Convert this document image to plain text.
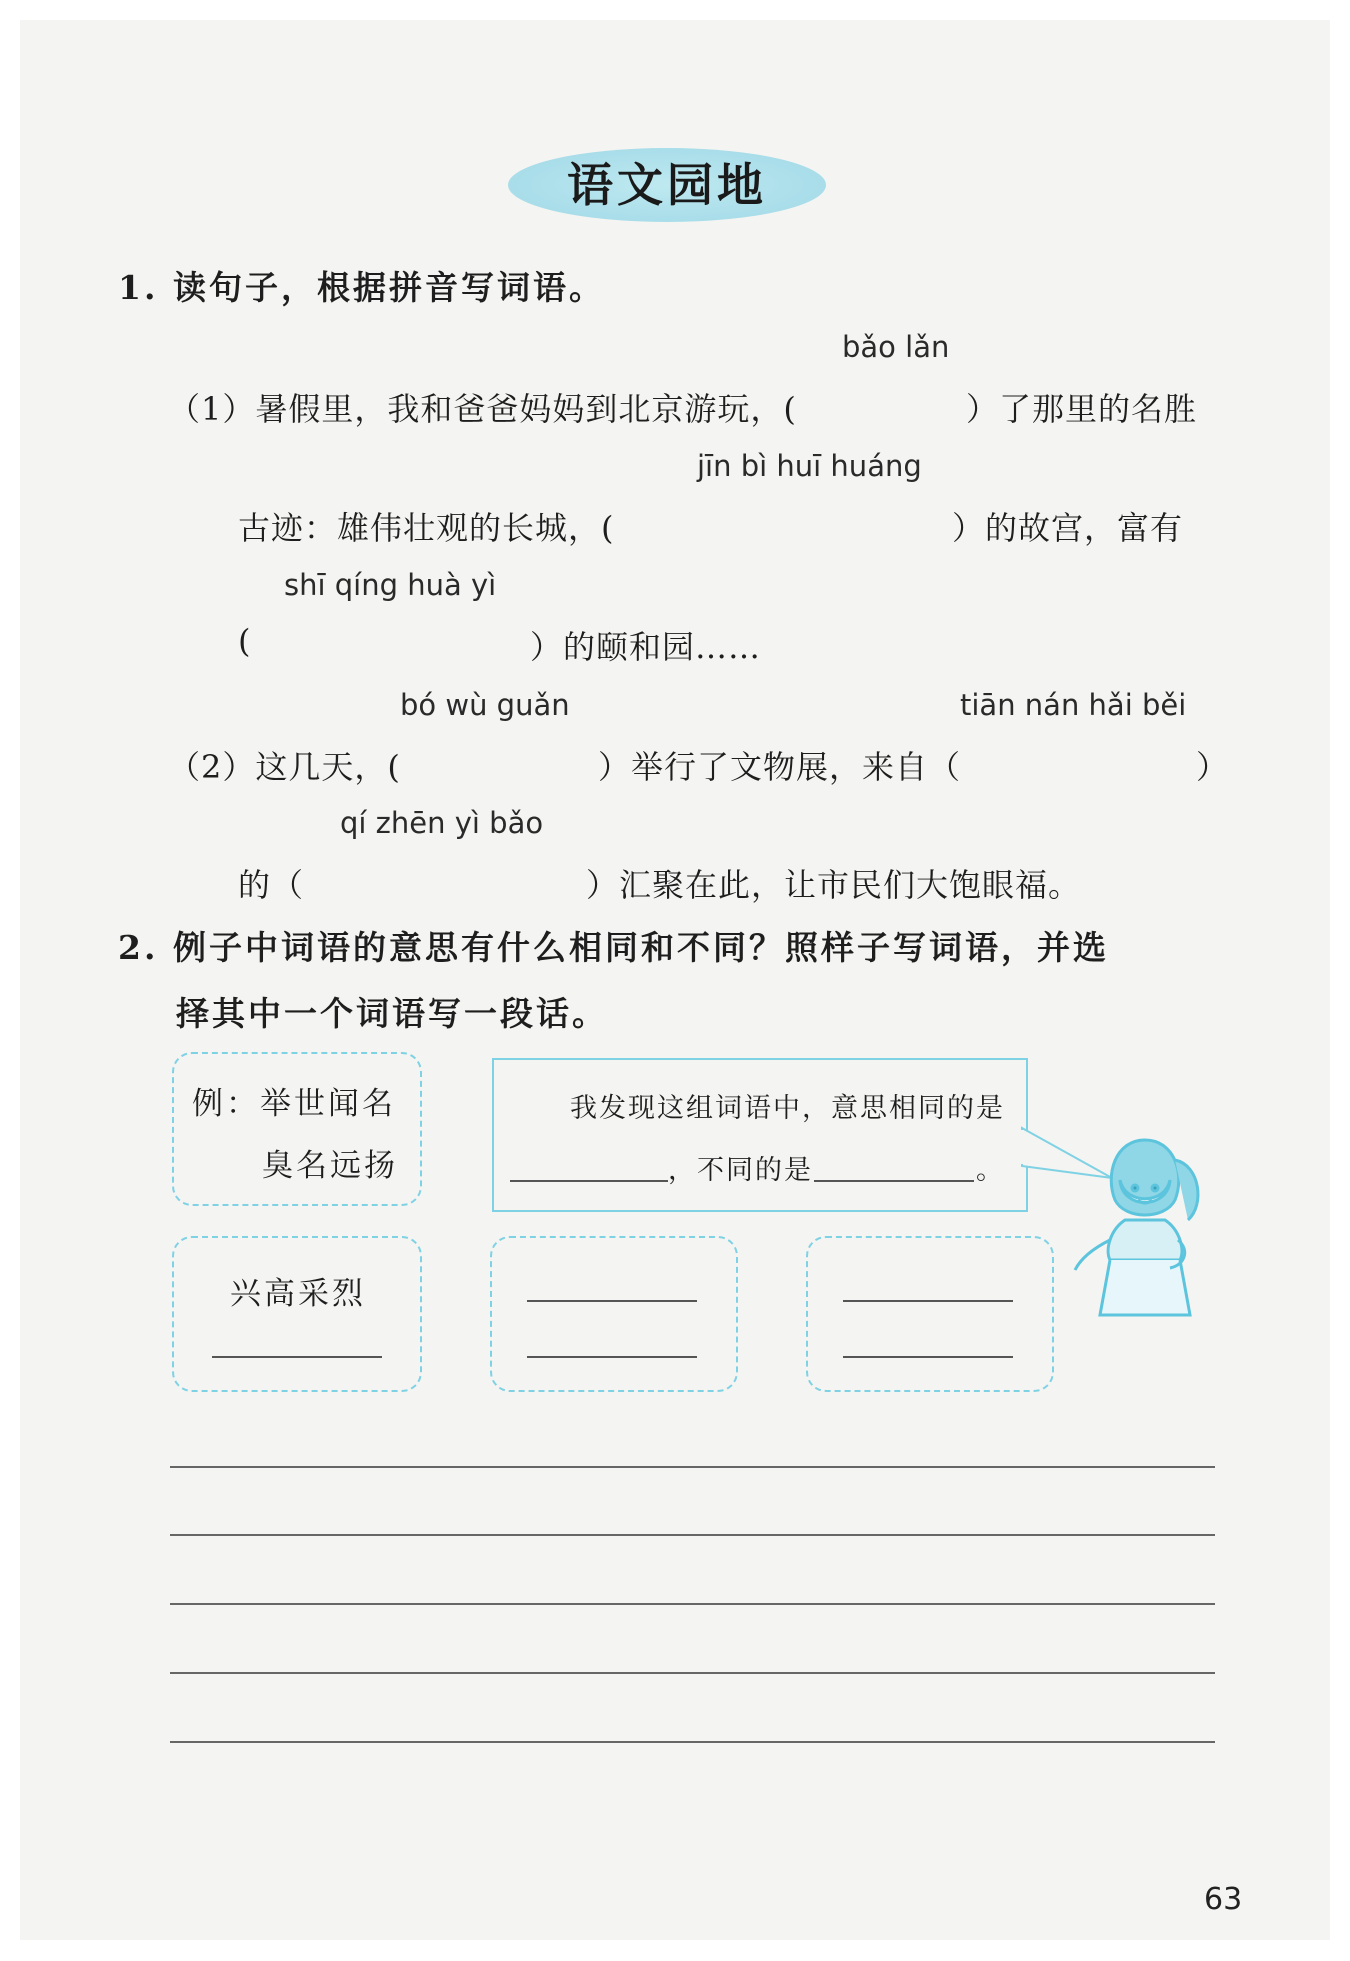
语文园地
1. 读句子，根据拼音写词语。
bǎo lǎn
（1）暑假里，我和爸爸妈妈到北京游玩，(	）了那里的名胜
jīn bì huī huáng
古迹：雄伟壮观的长城，(	）的故宫，富有
shī qíng huà yì
(	）的颐和园……
bó wù guǎn	tiān nán hǎi běi
（2）这几天，(	）举行了文物展，来自（	）
qí zhēn yì bǎo
的（	）汇聚在此，让市民们大饱眼福。
2. 例子中词语的意思有什么相同和不同？照样子写词语，并选
择其中一个词语写一段话。
例：举世闻名
臭名远扬
我发现这组词语中，意思相同的是
，不同的是	。
兴高采烈
63
